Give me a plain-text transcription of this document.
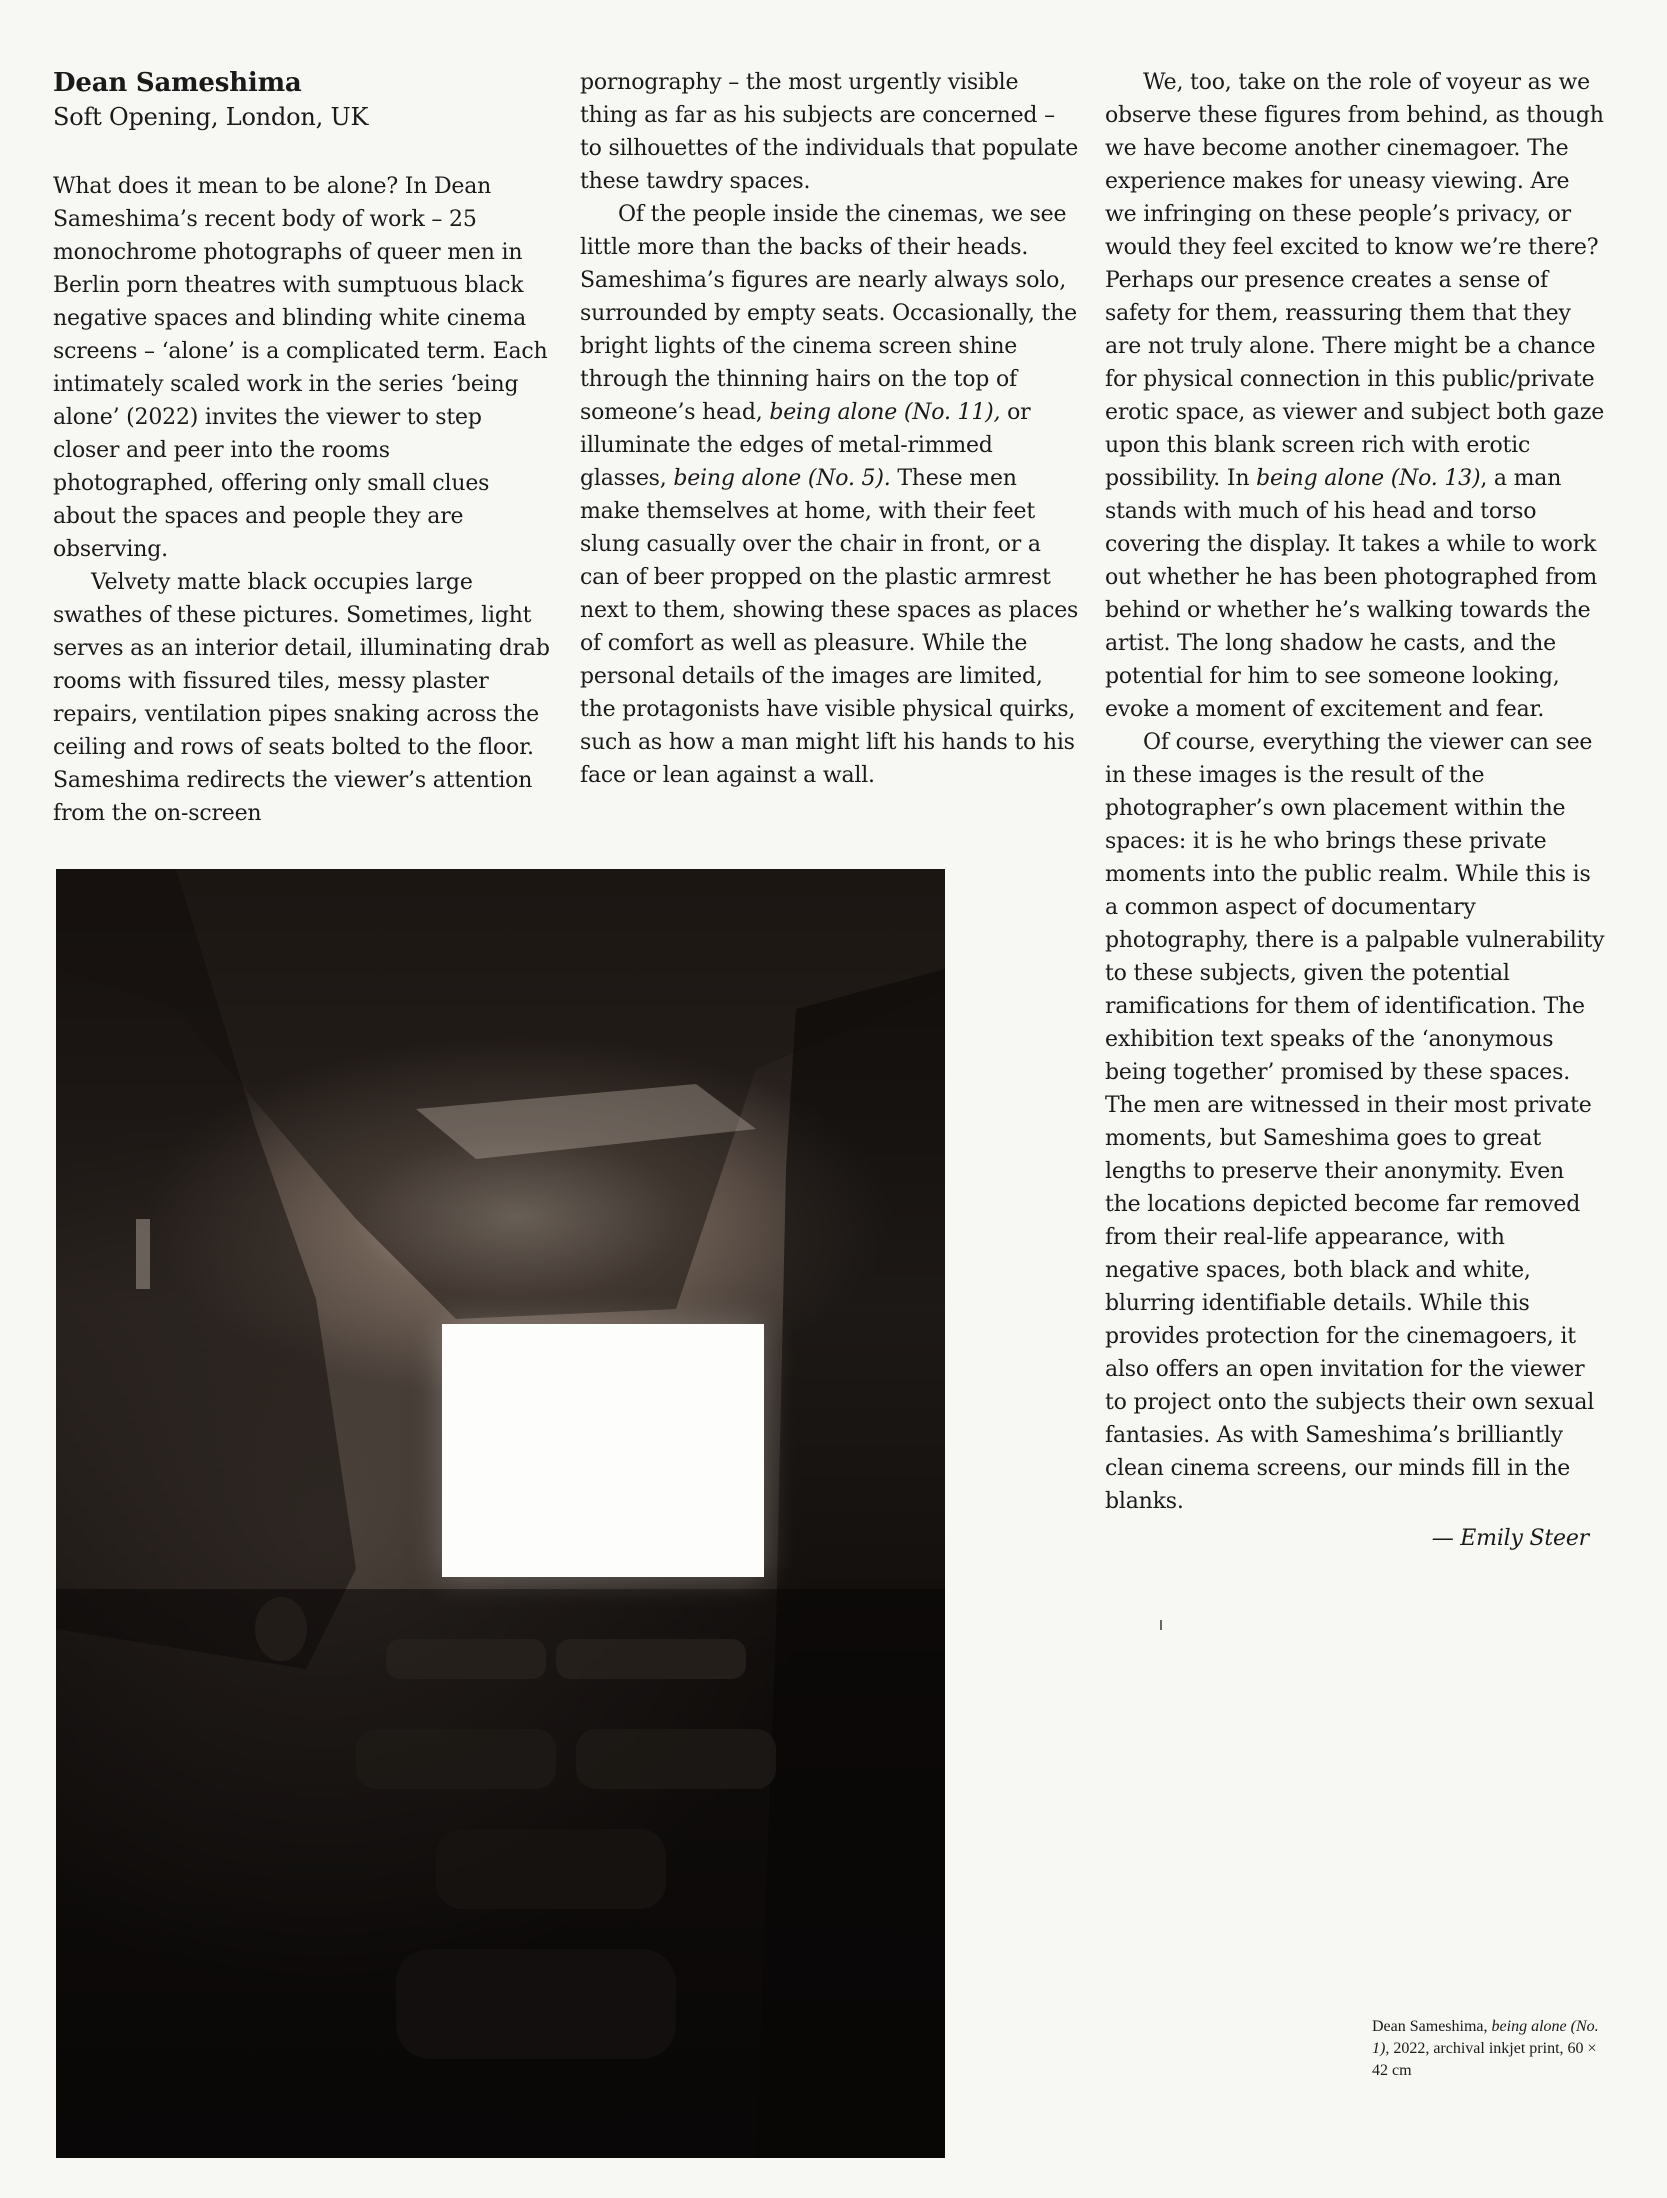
Dean Sameshima
Soft Opening, London, UK

What does it mean to be alone? In Dean Sameshima’s recent body of work – 25 monochrome photographs of queer men in Berlin porn theatres with sumptuous black negative spaces and blinding white cinema screens – ‘alone’ is a complicated term. Each intimately scaled work in the series ‘being alone’ (2022) invites the viewer to step closer and peer into the rooms photographed, offering only small clues about the spaces and people they are observing.

Velvety matte black occupies large swathes of these pictures. Sometimes, light serves as an interior detail, illuminating drab rooms with fissured tiles, messy plaster repairs, ventilation pipes snaking across the ceiling and rows of seats bolted to the floor. Sameshima redirects the viewer’s attention from the on-screen

pornography – the most urgently visible thing as far as his subjects are concerned – to silhouettes of the individuals that populate these tawdry spaces.

Of the people inside the cinemas, we see little more than the backs of their heads. Sameshima’s figures are nearly always solo, surrounded by empty seats. Occasionally, the bright lights of the cinema screen shine through the thinning hairs on the top of someone’s head, being alone (No. 11), or illuminate the edges of metal-rimmed glasses, being alone (No. 5). These men make themselves at home, with their feet slung casually over the chair in front, or a can of beer propped on the plastic armrest next to them, showing these spaces as places of comfort as well as pleasure. While the personal details of the images are limited, the protagonists have visible physical quirks, such as how a man might lift his hands to his face or lean against a wall.

We, too, take on the role of voyeur as we observe these figures from behind, as though we have become another cinemagoer. The experience makes for uneasy viewing. Are we infringing on these people’s privacy, or would they feel excited to know we’re there? Perhaps our presence creates a sense of safety for them, reassuring them that they are not truly alone. There might be a chance for physical connection in this public/private erotic space, as viewer and subject both gaze upon this blank screen rich with erotic possibility. In being alone (No. 13), a man stands with much of his head and torso covering the display. It takes a while to work out whether he has been photographed from behind or whether he’s walking towards the artist. The long shadow he casts, and the potential for him to see someone looking, evoke a moment of excitement and fear.

Of course, everything the viewer can see in these images is the result of the photographer’s own placement within the spaces: it is he who brings these private moments into the public realm. While this is a common aspect of documentary photography, there is a palpable vulnerability to these subjects, given the potential ramifications for them of identification. The exhibition text speaks of the ‘anonymous being together’ promised by these spaces. The men are witnessed in their most private moments, but Sameshima goes to great lengths to preserve their anonymity. Even the locations depicted become far removed from their real-life appearance, with negative spaces, both black and white, blurring identifiable details. While this provides protection for the cinemagoers, it also offers an open invitation for the viewer to project onto the subjects their own sexual fantasies. As with Sameshima’s brilliantly clean cinema screens, our minds fill in the blanks.

— Emily Steer
Dean Sameshima, being alone (No. 1), 2022, archival inkjet print, 60 × 42 cm
